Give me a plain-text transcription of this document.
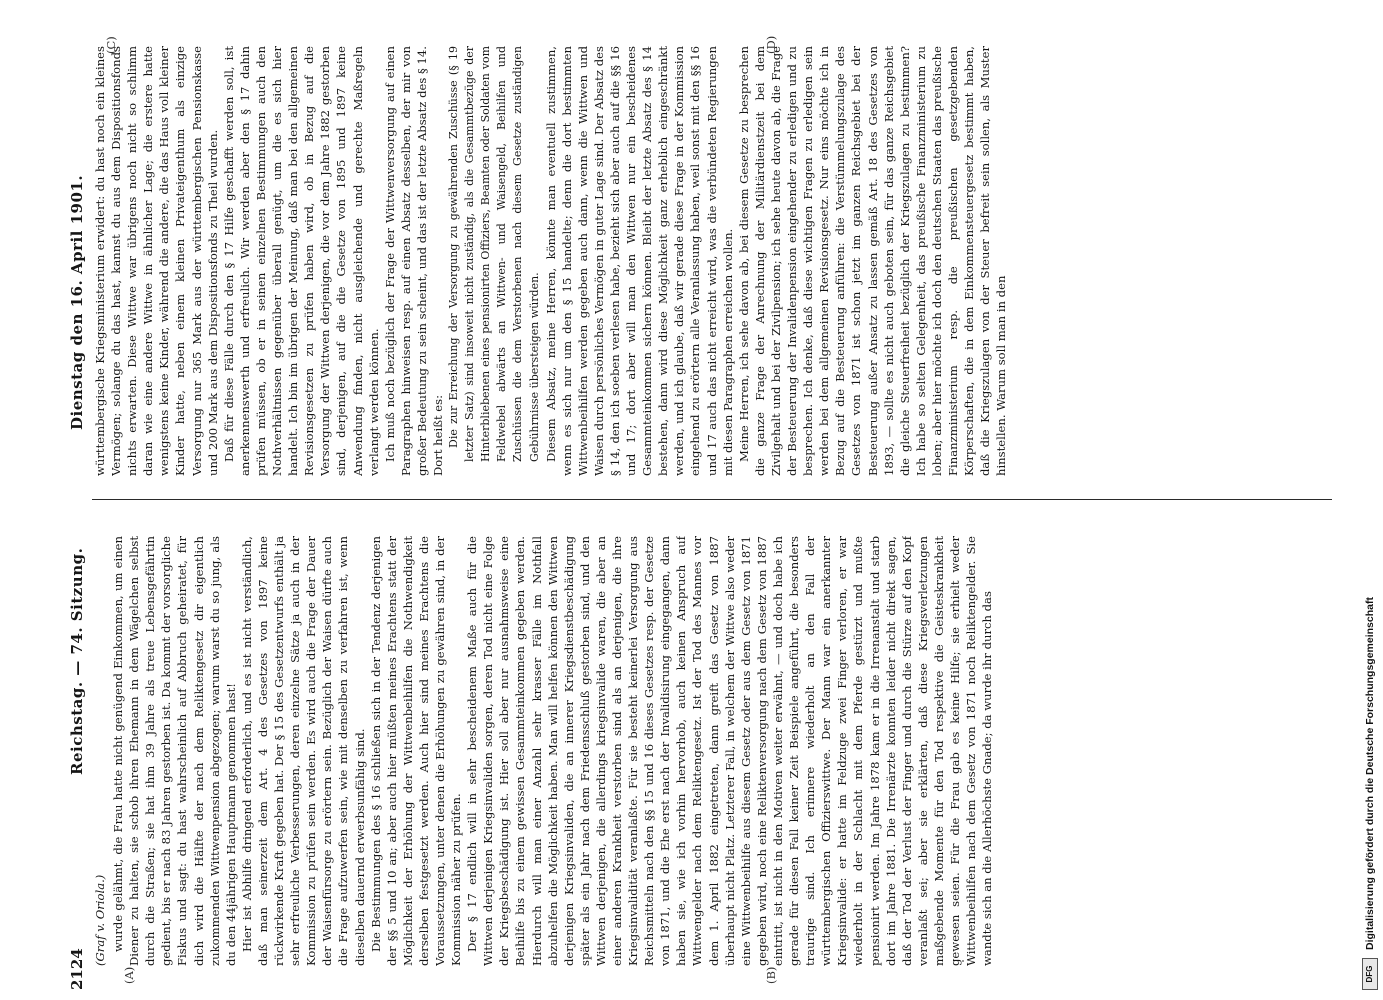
2124
Reichstag. — 74. Sitzung.
Dienstag den 16. April 1901.

(Graf v. Oriola.) wurde gelähmt, die Frau hatte nicht genügend Einkommen, um einen Diener zu halten, sie schob ihren Ehemann in dem Wägelchen selbst durch die Straßen; sie hat ihm 39 Jahre als treue Lebensgefährtin gedient, bis er nach 83 Jahren gestorben ist. Da kommt der vorsorgliche Fiskus und sagt: du hast wahrscheinlich auf Abbruch geheiratet, für dich wird die Hälfte der nach dem Reliktengesetz dir eigentlich zukommenden Wittwenpension abgezogen; warum warst du so jung, als du den 44jährigen Hauptmann genommen hast! Hier ist Abhilfe dringend erforderlich, und es ist nicht verständlich, daß man seinerzeit dem Art. 4 des Gesetzes von 1897 keine rückwirkende Kraft gegeben hat. Der § 15 des Gesetzentwurfs enthält ja sehr erfreuliche Verbesserungen, deren einzelne Sätze ja auch in der Kommission zu prüfen sein werden. Es wird auch die Frage der Dauer der Waisenfürsorge zu erörtern sein. Bezüglich der Waisen dürfte auch die Frage aufzuwerfen sein, wie mit denselben zu verfahren ist, wenn dieselben dauernd erwerbsunfähig sind. Die Bestimmungen des § 16 schließen sich in der Tendenz derjenigen der §§ 5 und 10 an; aber auch hier müßten meines Erachtens statt der Möglichkeit der Erhöhung der Wittwenbeihilfen die Nothwendigkeit derselben festgesetzt werden. Auch hier sind meines Erachtens die Voraussetzungen, unter denen die Erhöhungen zu gewähren sind, in der Kommission näher zu prüfen. Der § 17 endlich will in sehr bescheidenem Maße auch für die Wittwen derjenigen Kriegsinvaliden sorgen, deren Tod nicht eine Folge der Kriegsbeschädigung ist. Hier soll aber nur ausnahmsweise eine Beihilfe bis zu einem gewissen Gesammteinkommen gegeben werden. Hierdurch will man einer Anzahl sehr krasser Fälle im Nothfall abzuhelfen die Möglichkeit haben. Man will helfen können den Wittwen derjenigen Kriegsinvaliden, die an innerer Kriegsdienstbeschädigung später als ein Jahr nach dem Friedensschluß gestorben sind, und den Wittwen derjenigen, die allerdings kriegsinvalide waren, die aber an einer anderen Krankheit verstorben sind als an derjenigen, die ihre Kriegsinvalidität veranlaßte. Für sie besteht keinerlei Versorgung aus Reichsmitteln nach den §§ 15 und 16 dieses Gesetzes resp. der Gesetze von 1871, und die Ehe erst nach der Invalidisirung eingegangen, dann haben sie, wie ich vorhin hervorhob, auch keinen Anspruch auf Wittwengelder nach dem Reliktengesetz. Ist der Tod des Mannes vor dem 1. April 1882 eingetreten, dann greift das Gesetz von 1887 überhaupt nicht Platz. Letzterer Fall, in welchem der Wittwe also weder eine Wittwenbeihilfe aus diesem Gesetz oder aus dem Gesetz von 1871 gegeben wird, noch eine Reliktenversorgung nach dem Gesetz von 1887 eintritt, ist nicht in den Motiven weiter erwähnt, — und doch habe ich gerade für diesen Fall keiner Zeit Beispiele angeführt, die besonders traurige sind. Ich erinnere wiederholt an den Fall der württembergischen Offizierswittwe. Der Mann war ein anerkannter Kriegsinvalide: er hatte im Feldzuge zwei Finger verloren, er war wiederholt in der Schlacht mit dem Pferde gestürzt und mußte pensionirt werden. Im Jahre 1878 kam er in die Irrenanstalt und starb dort im Jahre 1881. Die Irrenärzte konnten leider nicht direkt sagen, daß der Tod der Verlust der Finger und durch die Stürze auf den Kopf veranlaßt sei; aber sie erklärten, daß diese Kriegsverletzungen maßgebende Momente für den Tod respektive die Geisteskrankheit gewesen seien. Für die Frau gab es keine Hilfe; sie erhielt weder Wittwenbeihilfen nach dem Gesetz von 1871 noch Reliktengelder. Sie wandte sich an die Allerhöchste Gnade; da wurde ihr durch das

württembergische Kriegsministerium erwidert: du hast noch ein kleines Vermögen; solange du das hast, kannst du aus dem Dispositionsfonds nichts erwarten. Diese Wittwe war übrigens noch nicht so schlimm daran wie eine andere Wittwe in ähnlicher Lage; die erstere hatte wenigstens keine Kinder, während die andere, die das Haus voll kleiner Kinder hatte, neben einem kleinen Privateigenthum als einzige Versorgung nur 365 Mark aus der württembergischen Pensionskasse und 200 Mark aus dem Dispositionsfonds zu Theil wurden. Daß für diese Fälle durch den § 17 Hilfe geschafft werden soll, ist anerkennenswerth und erfreulich. Wir werden aber den § 17 dahin prüfen müssen, ob er in seinen einzelnen Bestimmungen auch den Nothverhältnissen gegenüber überall genügt, um die es sich hier handelt. Ich bin im übrigen der Meinung, daß man bei den allgemeinen Revisionsgesetzen zu prüfen haben wird, ob in Bezug auf die Versorgung der Wittwen derjenigen, die vor dem Jahre 1882 gestorben sind, derjenigen, auf die die Gesetze von 1895 und 1897 keine Anwendung finden, nicht ausgleichende und gerechte Maßregeln verlangt werden können. Ich muß noch bezüglich der Frage der Wittwenversorgung auf einen Paragraphen hinweisen resp. auf einen Absatz desselben, der mir von großer Bedeutung zu sein scheint, und das ist der letzte Absatz des § 14. Dort heißt es: Die zur Erreichung der Versorgung zu gewährenden Zuschüsse (§ 19 letzter Satz) sind insoweit nicht zuständig, als die Gesammtbezüge der Hinterbliebenen eines pensionirten Offiziers, Beamten oder Soldaten vom Feldwebel abwärts an Wittwen- und Waisengeld, Beihilfen und Zuschüssen die dem Verstorbenen nach diesem Gesetze zuständigen Gebührnisse übersteigen würden. Diesem Absatz, meine Herren, könnte man eventuell zustimmen, wenn es sich nur um den § 15 handelte; denn die dort bestimmten Wittwenbeihilfen werden gegeben auch dann, wenn die Wittwen und Waisen durch persönliches Vermögen in guter Lage sind. Der Absatz des § 14, den ich soeben verlesen habe, bezieht sich aber auch auf die §§ 16 und 17; dort aber will man den Wittwen nur ein bescheidenes Gesammteinkommen sichern können. Bleibt der letzte Absatz des § 14 bestehen, dann wird diese Möglichkeit ganz erheblich eingeschränkt werden, und ich glaube, daß wir gerade diese Frage in der Kommission eingehend zu erörtern alle Veranlassung haben, weil sonst mit den §§ 16 und 17 auch das nicht erreicht wird, was die verbündeten Regierungen mit diesen Paragraphen erreichen wollen. Meine Herren, ich sehe davon ab, bei diesem Gesetze zu besprechen die ganze Frage der Anrechnung der Militärdienstzeit bei dem Zivilgehalt und bei der Zivilpension; ich sehe heute davon ab, die Frage der Besteuerung der Invalidenpension eingehender zu erledigen und zu besprechen. Ich denke, daß diese wichtigen Fragen zu erledigen sein werden bei dem allgemeinen Revisionsgesetz. Nur eins möchte ich in Bezug auf die Besteuerung anführen: die Verstümmelungszulage des Gesetzes von 1871 ist schon jetzt im ganzen Reichsgebiet bei der Besteuerung außer Ansatz zu lassen gemäß Art. 18 des Gesetzes von 1893, — sollte es nicht auch geboten sein, für das ganze Reichsgebiet die gleiche Steuerfreiheit bezüglich der Kriegszulagen zu bestimmen? Ich habe so selten Gelegenheit, das preußische Finanzministerium zu loben; aber hier möchte ich doch den deutschen Staaten das preußische Finanzministerium resp. die preußischen gesetzgebenden Körperschaften, die in dem Einkommensteuergesetz bestimmt haben, daß die Kriegszulagen von der Steuer befreit sein sollen, als Muster hinstellen. Warum soll man in den

(A)	(B)
(C)	(D)
DFGDigitalisierung gefördert durch die Deutsche Forschungsgemeinschaft
